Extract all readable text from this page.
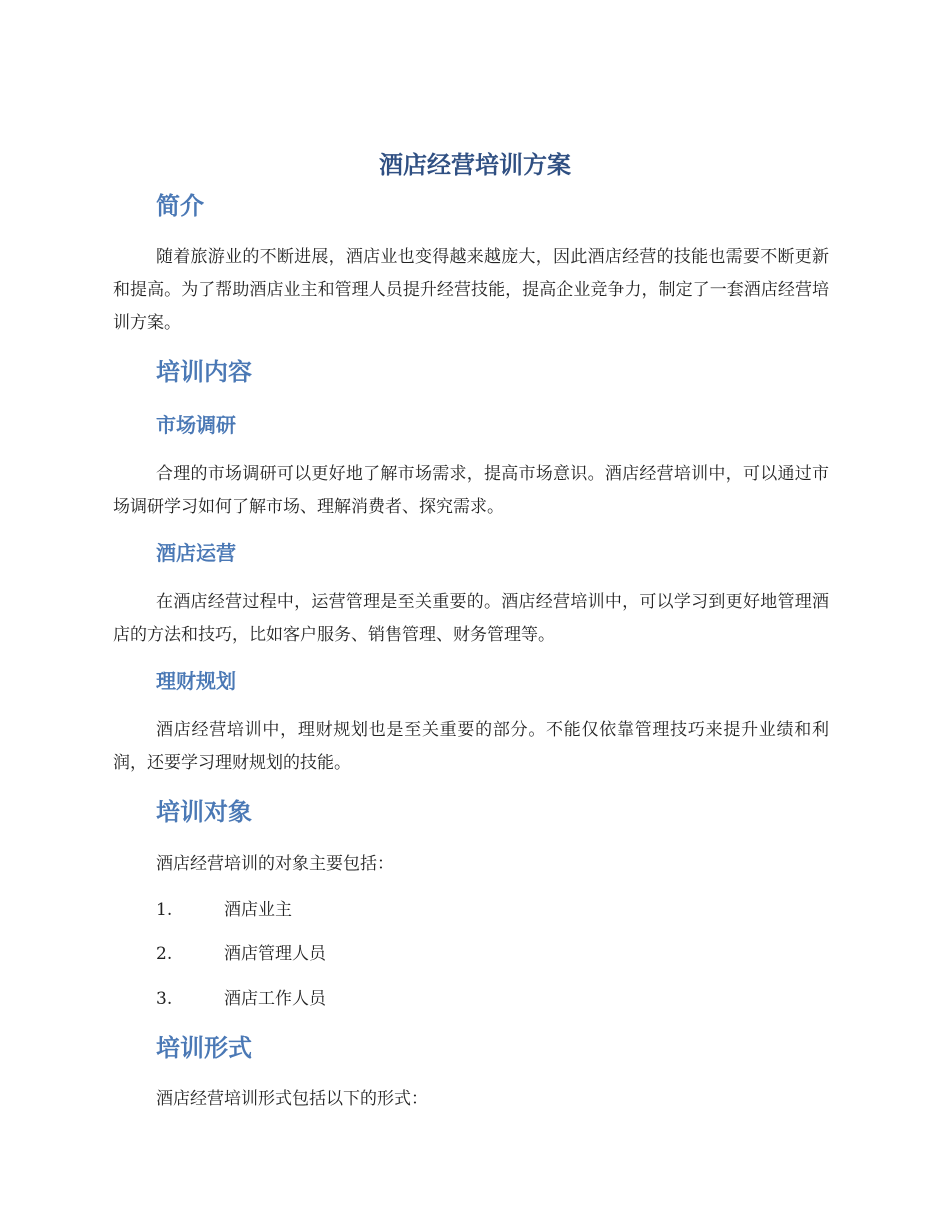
酒店经营培训方案
简介

随着旅游业的不断进展，酒店业也变得越来越庞大，因此酒店经营的技能也需要不断更新和提高。为了帮助酒店业主和管理人员提升经营技能，提高企业竞争力，制定了一套酒店经营培训方案。

培训内容
市场调研

合理的市场调研可以更好地了解市场需求，提高市场意识。酒店经营培训中，可以通过市场调研学习如何了解市场、理解消费者、探究需求。

酒店运营

在酒店经营过程中，运营管理是至关重要的。酒店经营培训中，可以学习到更好地管理酒店的方法和技巧，比如客户服务、销售管理、财务管理等。

理财规划

酒店经营培训中，理财规划也是至关重要的部分。不能仅依靠管理技巧来提升业绩和利润，还要学习理财规划的技能。

培训对象

酒店经营培训的对象主要包括：

1.	酒店业主
2.	酒店管理人员
3.	酒店工作人员
培训形式

酒店经营培训形式包括以下的形式：
